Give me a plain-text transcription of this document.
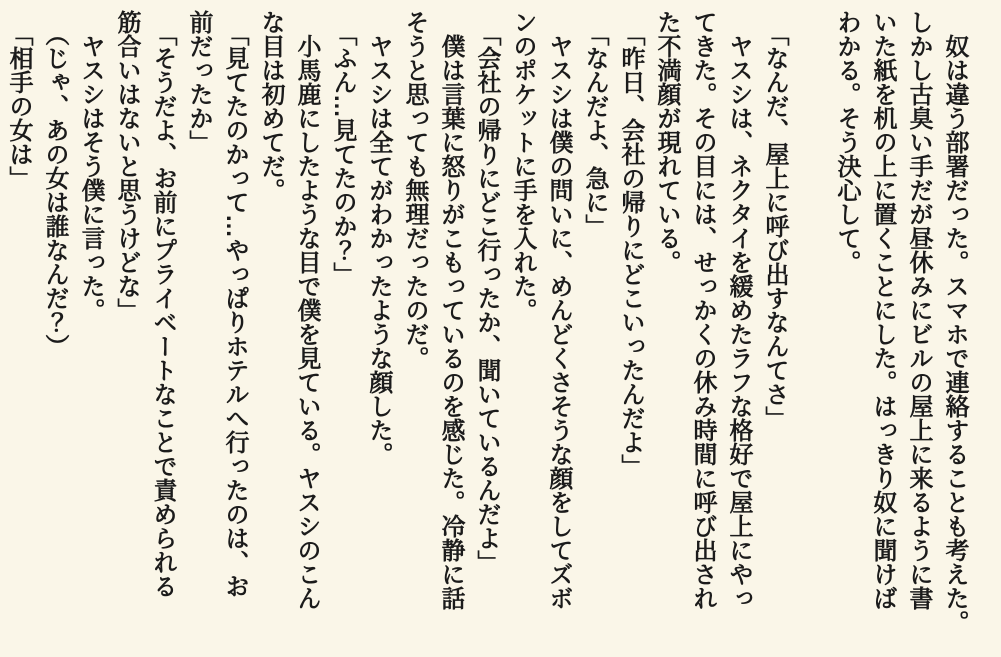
　奴は違う部署だった。スマホで連絡することも考えた。
しかし古臭い手だが昼休みにビルの屋上に来るように書
いた紙を机の上に置くことにした。はっきり奴に聞けば
わかる。そう決心して。

　「なんだ、屋上に呼び出すなんてさ」
　ヤスシは、ネクタイを緩めたラフな格好で屋上にやっ
てきた。その目には、せっかくの休み時間に呼び出され
た不満顔が現れている。
　「昨日、会社の帰りにどこいったんだよ」
　「なんだよ、急に」
　ヤスシは僕の問いに、めんどくさそうな顔をしてズボ
ンのポケットに手を入れた。
　「会社の帰りにどこ行ったか、聞いているんだよ」
　僕は言葉に怒りがこもっているのを感じた。冷静に話
そうと思っても無理だったのだ。
　ヤスシは全てがわかったような顔した。
　「ふん…見てたのか？」
　小馬鹿にしたような目で僕を見ている。ヤスシのこん
な目は初めてだ。
　「見てたのかって…やっぱりホテルへ行ったのは、お
前だったか」
　「そうだよ、お前にプライベートなことで責められる
筋合いはないと思うけどな」
　ヤスシはそう僕に言った。
　（じゃ、あの女は誰なんだ？）
　「相手の女は」
